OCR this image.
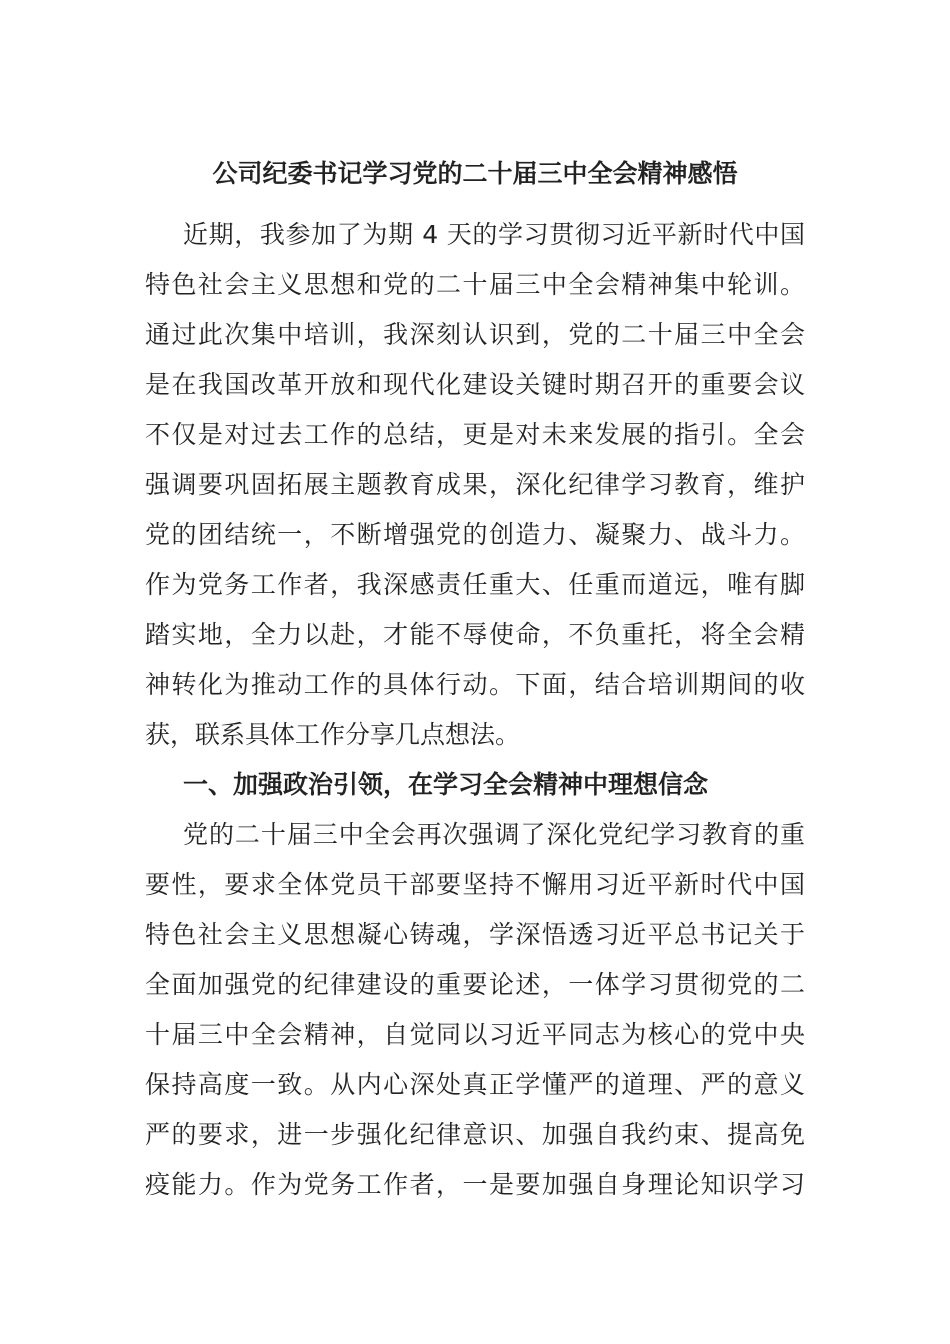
公司纪委书记学习党的二十届三中全会精神感悟

近期，我参加了为期 4 天的学习贯彻习近平新时代中国

特色社会主义思想和党的二十届三中全会精神集中轮训。

通过此次集中培训，我深刻认识到，党的二十届三中全会

是在我国改革开放和现代化建设关键时期召开的重要会议

不仅是对过去工作的总结，更是对未来发展的指引。全会

强调要巩固拓展主题教育成果，深化纪律学习教育，维护

党的团结统一，不断增强党的创造力、凝聚力、战斗力。

作为党务工作者，我深感责任重大、任重而道远，唯有脚

踏实地，全力以赴，才能不辱使命，不负重托，将全会精

神转化为推动工作的具体行动。下面，结合培训期间的收

获，联系具体工作分享几点想法。

一、加强政治引领，在学习全会精神中理想信念

党的二十届三中全会再次强调了深化党纪学习教育的重

要性，要求全体党员干部要坚持不懈用习近平新时代中国

特色社会主义思想凝心铸魂，学深悟透习近平总书记关于

全面加强党的纪律建设的重要论述，一体学习贯彻党的二

十届三中全会精神，自觉同以习近平同志为核心的党中央

保持高度一致。从内心深处真正学懂严的道理、严的意义

严的要求，进一步强化纪律意识、加强自我约束、提高免

疫能力。作为党务工作者，一是要加强自身理论知识学习
